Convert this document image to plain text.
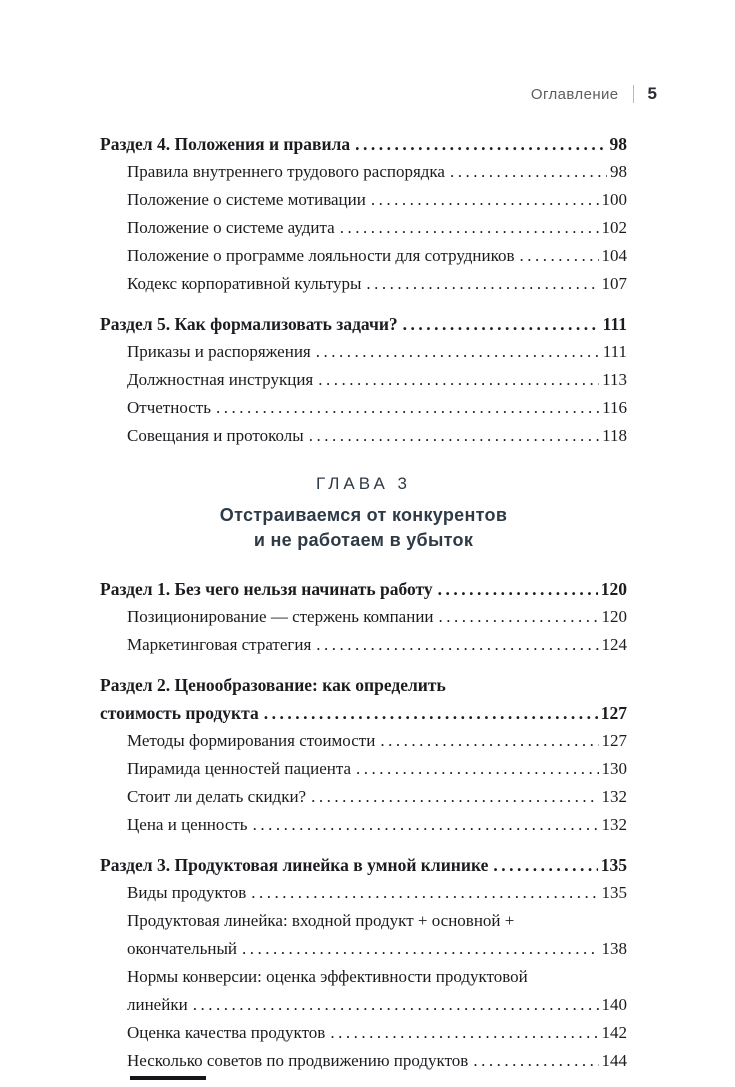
Оглавление 5
Раздел 4. Положения и правила .....	98
Правила внутреннего трудового распорядка .....	98
Положение о системе мотивации .....	100
Положение о системе аудита .....	102
Положение о программе лояльности для сотрудников .....	104
Кодекс корпоративной культуры .....	107
Раздел 5. Как формализовать задачи? .....	111
Приказы и распоряжения .....	111
Должностная инструкция .....	113
Отчетность .....	116
Совещания и протоколы .....	118
ГЛАВА 3
Отстраиваемся от конкурентов
и не работаем в убыток
Раздел 1. Без чего нельзя начинать работу .....	120
Позиционирование — стержень компании .....	120
Маркетинговая стратегия .....	124
Раздел 2. Ценообразование: как определить
стоимость продукта .....	127
Методы формирования стоимости .....	127
Пирамида ценностей пациента .....	130
Стоит ли делать скидки? .....	132
Цена и ценность .....	132
Раздел 3. Продуктовая линейка в умной клинике .....	135
Виды продуктов .....	135
Продуктовая линейка: входной продукт + основной +
окончательный .....	138
Нормы конверсии: оценка эффективности продуктовой
линейки .....	140
Оценка качества продуктов .....	142
Несколько советов по продвижению продуктов .....	144
